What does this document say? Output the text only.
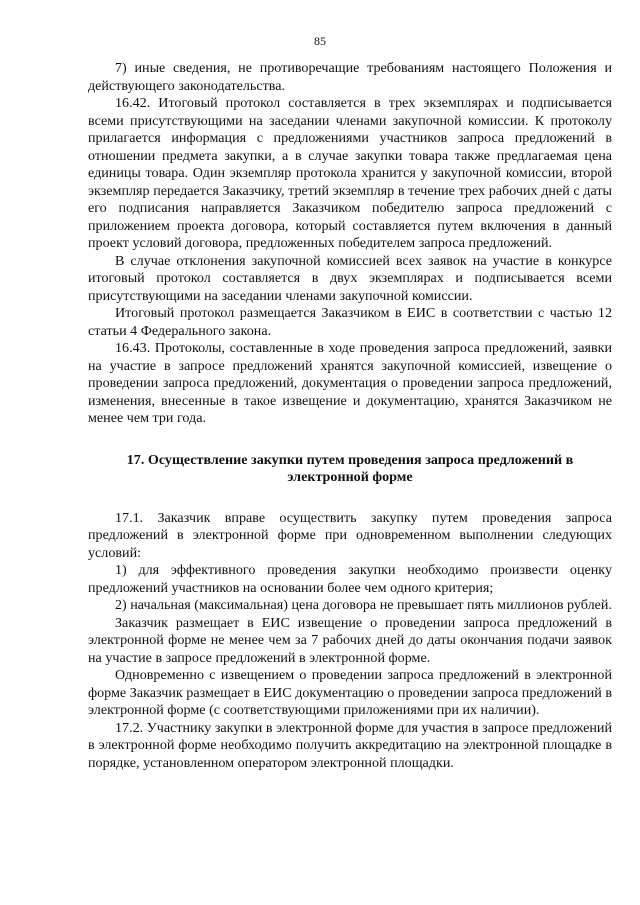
85

7) иные сведения, не противоречащие требованиям настоящего Положения и действующего законодательства.

16.42. Итоговый протокол составляется в трех экземплярах и подписывается всеми присутствующими на заседании членами закупочной комиссии. К протоколу прилагается информация с предложениями участников запроса предложений в отношении предмета закупки, а в случае закупки товара также предлагаемая цена единицы товара. Один экземпляр протокола хранится у закупочной комиссии, второй экземпляр передается Заказчику, третий экземпляр в течение трех рабочих дней с даты его подписания направляется Заказчиком победителю запроса предложений с приложением проекта договора, который составляется путем включения в данный проект условий договора, предложенных победителем запроса предложений.

В случае отклонения закупочной комиссией всех заявок на участие в конкурсе итоговый протокол составляется в двух экземплярах и подписывается всеми присутствующими на заседании членами закупочной комиссии.

Итоговый протокол размещается Заказчиком в ЕИС в соответствии с частью 12 статьи 4 Федерального закона.

16.43. Протоколы, составленные в ходе проведения запроса предложений, заявки на участие в запросе предложений хранятся закупочной комиссией, извещение о проведении запроса предложений, документация о проведении запроса предложений, изменения, внесенные в такое извещение и документацию, хранятся Заказчиком не менее чем три года.

17. Осуществление закупки путем проведения запроса предложений в электронной форме

17.1. Заказчик вправе осуществить закупку путем проведения запроса предложений в электронной форме при одновременном выполнении следующих условий:

1) для эффективного проведения закупки необходимо произвести оценку предложений участников на основании более чем одного критерия;

2) начальная (максимальная) цена договора не превышает пять миллионов рублей.

Заказчик размещает в ЕИС извещение о проведении запроса предложений в электронной форме не менее чем за 7 рабочих дней до даты окончания подачи заявок на участие в запросе предложений в электронной форме.

Одновременно с извещением о проведении запроса предложений в электронной форме Заказчик размещает в ЕИС документацию о проведении запроса предложений в электронной форме (с соответствующими приложениями при их наличии).

17.2. Участнику закупки в электронной форме для участия в запросе предложений в электронной форме необходимо получить аккредитацию на электронной площадке в порядке, установленном оператором электронной площадки.
